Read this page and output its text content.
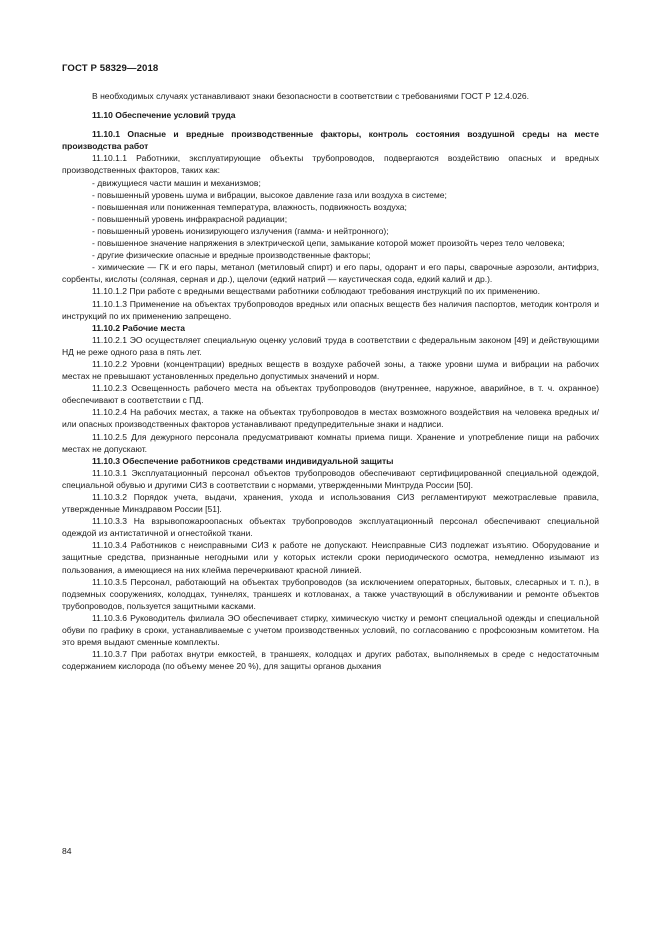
ГОСТ Р 58329—2018

В необходимых случаях устанавливают знаки безопасности в соответствии с требованиями ГОСТ Р 12.4.026.

11.10 Обеспечение условий труда

11.10.1 Опасные и вредные производственные факторы, контроль состояния воздушной среды на месте производства работ

11.10.1.1 Работники, эксплуатирующие объекты трубопроводов, подвергаются воздействию опасных и вредных производственных факторов, таких как:

- движущиеся части машин и механизмов;

- повышенный уровень шума и вибрации, высокое давление газа или воздуха в системе;

- повышенная или пониженная температура, влажность, подвижность воздуха;

- повышенный уровень инфракрасной радиации;

- повышенный уровень ионизирующего излучения (гамма- и нейтронного);

- повышенное значение напряжения в электрической цепи, замыкание которой может произойть через тело человека;

- другие физические опасные и вредные производственные факторы;

- химические — ГК и его пары, метанол (метиловый спирт) и его пары, одорант и его пары, сварочные аэрозоли, антифриз, сорбенты, кислоты (соляная, серная и др.), щелочи (едкий натрий — каустическая сода, едкий калий и др.).

11.10.1.2 При работе с вредными веществами работники соблюдают требования инструкций по их применению.

11.10.1.3 Применение на объектах трубопроводов вредных или опасных веществ без наличия паспортов, методик контроля и инструкций по их применению запрещено.

11.10.2 Рабочие места

11.10.2.1 ЭО осуществляет специальную оценку условий труда в соответствии с федеральным законом [49] и действующими НД не реже одного раза в пять лет.

11.10.2.2 Уровни (концентрации) вредных веществ в воздухе рабочей зоны, а также уровни шума и вибрации на рабочих местах не превышают установленных предельно допустимых значений и норм.

11.10.2.3 Освещенность рабочего места на объектах трубопроводов (внутреннее, наружное, аварийное, в т. ч. охранное) обеспечивают в соответствии с ПД.

11.10.2.4 На рабочих местах, а также на объектах трубопроводов в местах возможного воздействия на человека вредных и/или опасных производственных факторов устанавливают предупредительные знаки и надписи.

11.10.2.5 Для дежурного персонала предусматривают комнаты приема пищи. Хранение и употребление пищи на рабочих местах не допускают.

11.10.3 Обеспечение работников средствами индивидуальной защиты

11.10.3.1 Эксплуатационный персонал объектов трубопроводов обеспечивают сертифицированной специальной одеждой, специальной обувью и другими СИЗ в соответствии с нормами, утвержденными Минтруда России [50].

11.10.3.2 Порядок учета, выдачи, хранения, ухода и использования СИЗ регламентируют межотраслевые правила, утвержденные Минздравом России [51].

11.10.3.3 На взрывопожароопасных объектах трубопроводов эксплуатационный персонал обеспечивают специальной одеждой из антистатичной и огнестойкой ткани.

11.10.3.4 Работников с неисправными СИЗ к работе не допускают. Неисправные СИЗ подлежат изъятию. Оборудование и защитные средства, признанные негодными или у которых истекли сроки периодического осмотра, немедленно изымают из пользования, а имеющиеся на них клейма перечеркивают красной линией.

11.10.3.5 Персонал, работающий на объектах трубопроводов (за исключением операторных, бытовых, слесарных и т. п.), в подземных сооружениях, колодцах, туннелях, траншеях и котлованах, а также участвующий в обслуживании и ремонте объектов трубопроводов, пользуется защитными касками.

11.10.3.6 Руководитель филиала ЭО обеспечивает стирку, химическую чистку и ремонт специальной одежды и специальной обуви по графику в сроки, устанавливаемые с учетом производственных условий, по согласованию с профсоюзным комитетом. На это время выдают сменные комплекты.

11.10.3.7 При работах внутри емкостей, в траншеях, колодцах и других работах, выполняемых в среде с недостаточным содержанием кислорода (по объему менее 20 %), для защиты органов дыхания

84
